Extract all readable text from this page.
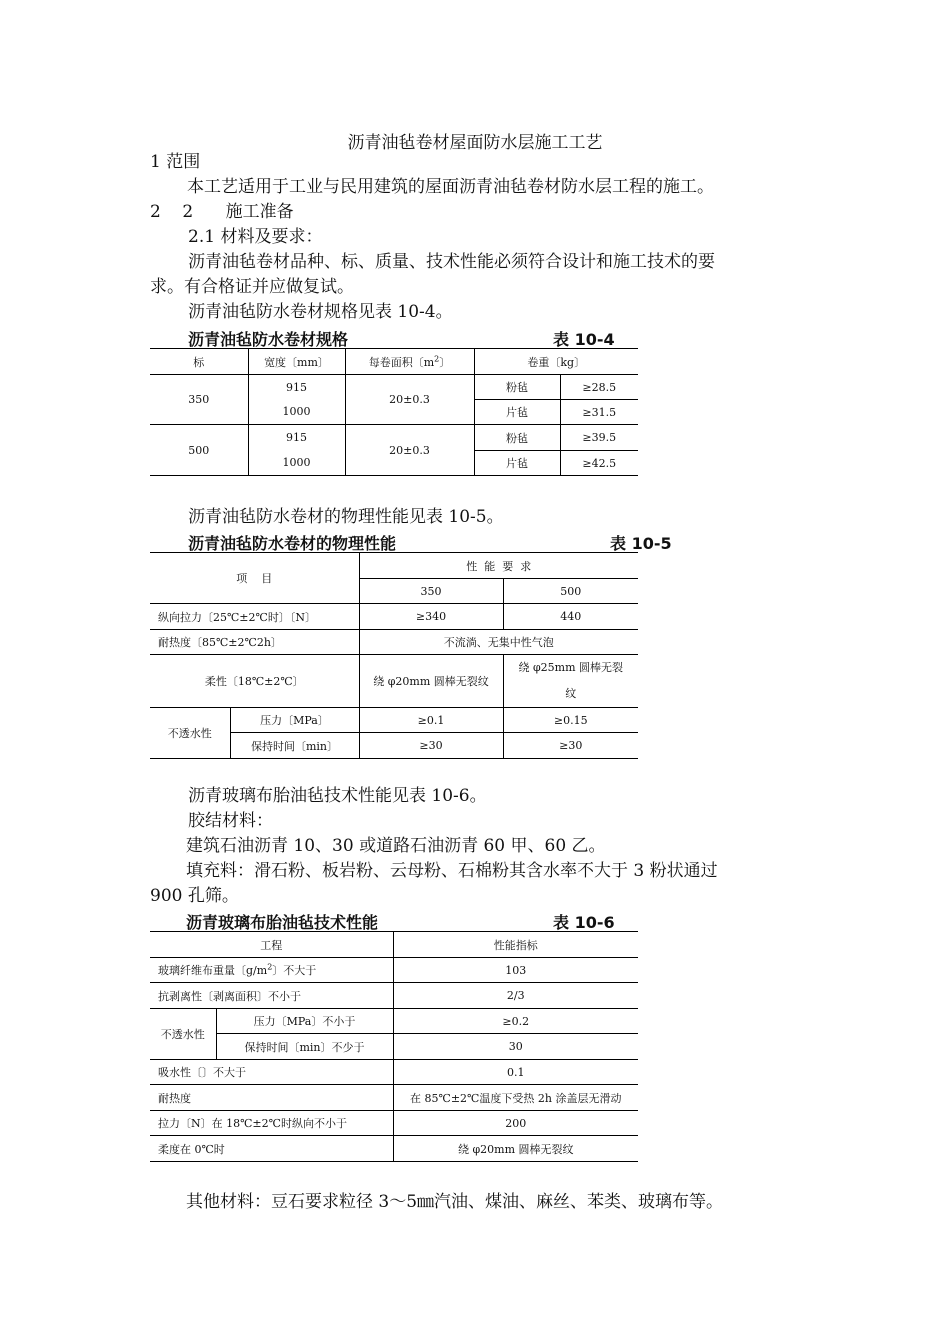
沥青油毡卷材屋面防水层施工工艺
1 范围
本工艺适用于工业与民用建筑的屋面沥青油毡卷材防水层工程的施工。
2    2      施工准备
2.1 材料及要求：
沥青油毡卷材品种、标、质量、技术性能必须符合设计和施工技术的要
求。有合格证并应做复试。
沥青油毡防水卷材规格见表 10-4。
沥青油毡防水卷材规格	表 10-4
标	宽度〔mm〕	每卷面积〔$m^2$〕	卷重〔kg〕	
350	915	20±0.3	粉毡	≥28.5
	1000		片毡	≥31.5
500	915	20±0.3	粉毡	≥39.5
	1000		片毡	≥42.5
沥青油毡防水卷材的物理性能见表 10-5。
沥青油毡防水卷材的物理性能	表 10-5
项    目		性  能  要  求	
		350	500
纵向拉力〔25℃±2℃时〕〔N〕		≥340	440
耐热度〔85℃±2℃2h〕		不流淌、无集中性气泡	
柔性〔18℃±2℃〕		绕 φ20mm 圆棒无裂纹	绕 φ25mm 圆棒无裂
纹
不透水性	压力〔MPa〕	≥0.1	≥0.15
	保持时间〔min〕	≥30	≥30
沥青玻璃布胎油毡技术性能见表 10-6。
胶结材料：
建筑石油沥青 10、30 或道路石油沥青 60 甲、60 乙。
填充料：滑石粉、板岩粉、云母粉、石棉粉其含水率不大于 3 粉状通过
900 孔筛。
沥青玻璃布胎油毡技术性能	表 10-6
工程		性能指标
玻璃纤维布重量〔$g/m^2$〕不大于		103
抗剥离性〔剥离面积〕不小于		2/3
不透水性	压力〔MPa〕不小于	≥0.2
	保持时间〔min〕不少于	30
吸水性〔〕不大于		0.1
耐热度		在 85℃±2℃温度下受热 2h 涂盖层无滑动
拉力〔N〕在 18℃±2℃时纵向不小于		200
柔度在 0℃时		绕 φ20mm 圆棒无裂纹
其他材料：豆石要求粒径 3～5㎜汽油、煤油、麻丝、苯类、玻璃布等。
